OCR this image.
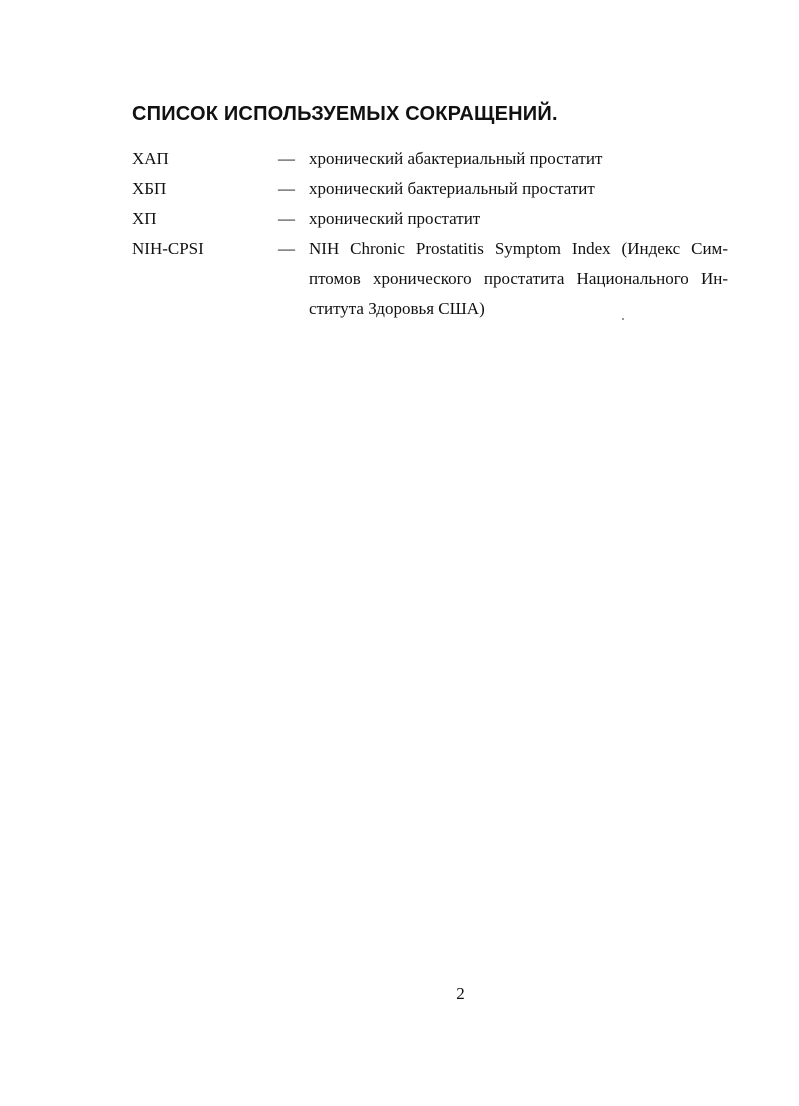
СПИСОК ИСПОЛЬЗУЕМЫХ СОКРАЩЕНИЙ.
ХАП	— хронический абактериальный простатит
ХБП	— хронический бактериальный простатит
ХП	— хронический простатит
NIH-CPSI	— NIH Chronic Prostatitis Symptom Index (Индекс Симптомов хронического простатита Национального Института Здоровья США)
2
